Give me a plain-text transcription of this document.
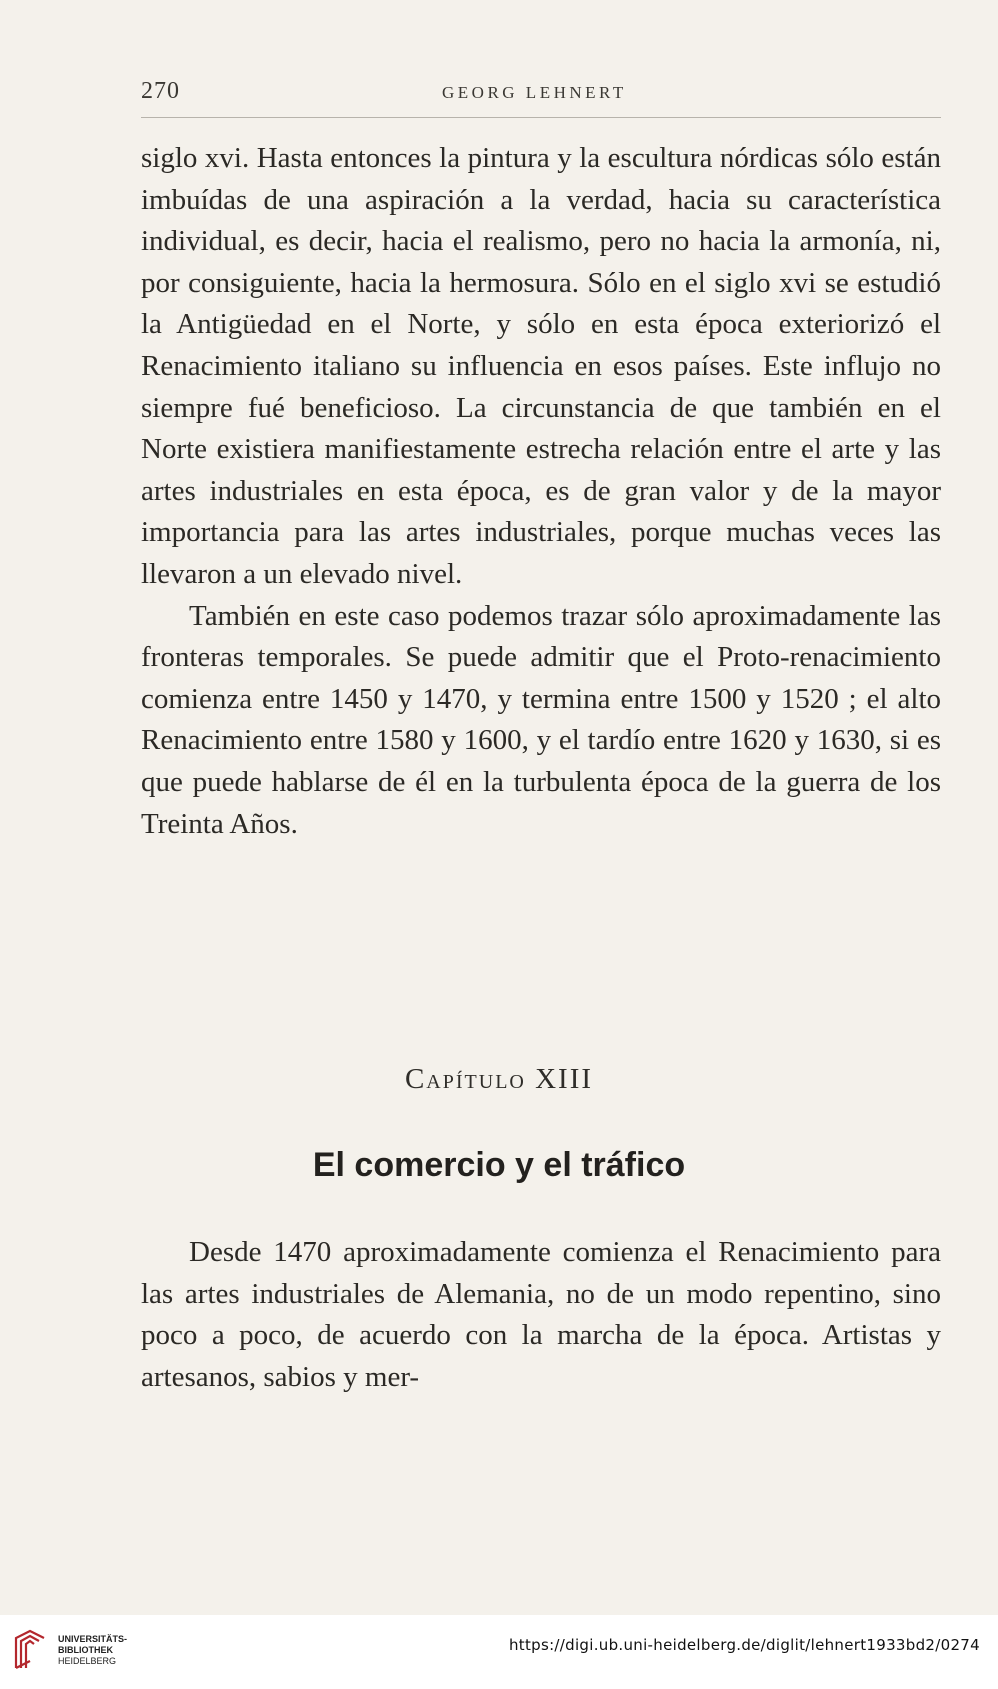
270	GEORG LEHNERT

siglo xvi. Hasta entonces la pintura y la escultura nórdicas sólo están imbuídas de una aspiración a la verdad, hacia su característica individual, es decir, hacia el realismo, pero no hacia la armonía, ni, por consiguiente, hacia la hermosura. Sólo en el siglo xvi se estudió la Antigüedad en el Norte, y sólo en esta época exteriorizó el Renacimiento italiano su influencia en esos países. Este influjo no siempre fué beneficioso. La circunstancia de que también en el Norte existiera manifiestamente estrecha relación entre el arte y las artes industriales en esta época, es de gran valor y de la mayor importancia para las artes industriales, porque muchas veces las llevaron a un elevado nivel.

También en este caso podemos trazar sólo aproximadamente las fronteras temporales. Se puede admitir que el Proto-renacimiento comienza entre 1450 y 1470, y termina entre 1500 y 1520 ; el alto Renacimiento entre 1580 y 1600, y el tardío entre 1620 y 1630, si es que puede hablarse de él en la turbulenta época de la guerra de los Treinta Años.

Capítulo XIII
El comercio y el tráfico

Desde 1470 aproximadamente comienza el Renacimiento para las artes industriales de Alemania, no de un modo repentino, sino poco a poco, de acuerdo con la marcha de la época. Artistas y artesanos, sabios y mer-

UNIVERSITÄTS-
BIBLIOTHEK
HEIDELBERG
https://digi.ub.uni-heidelberg.de/diglit/lehnert1933bd2/0274
